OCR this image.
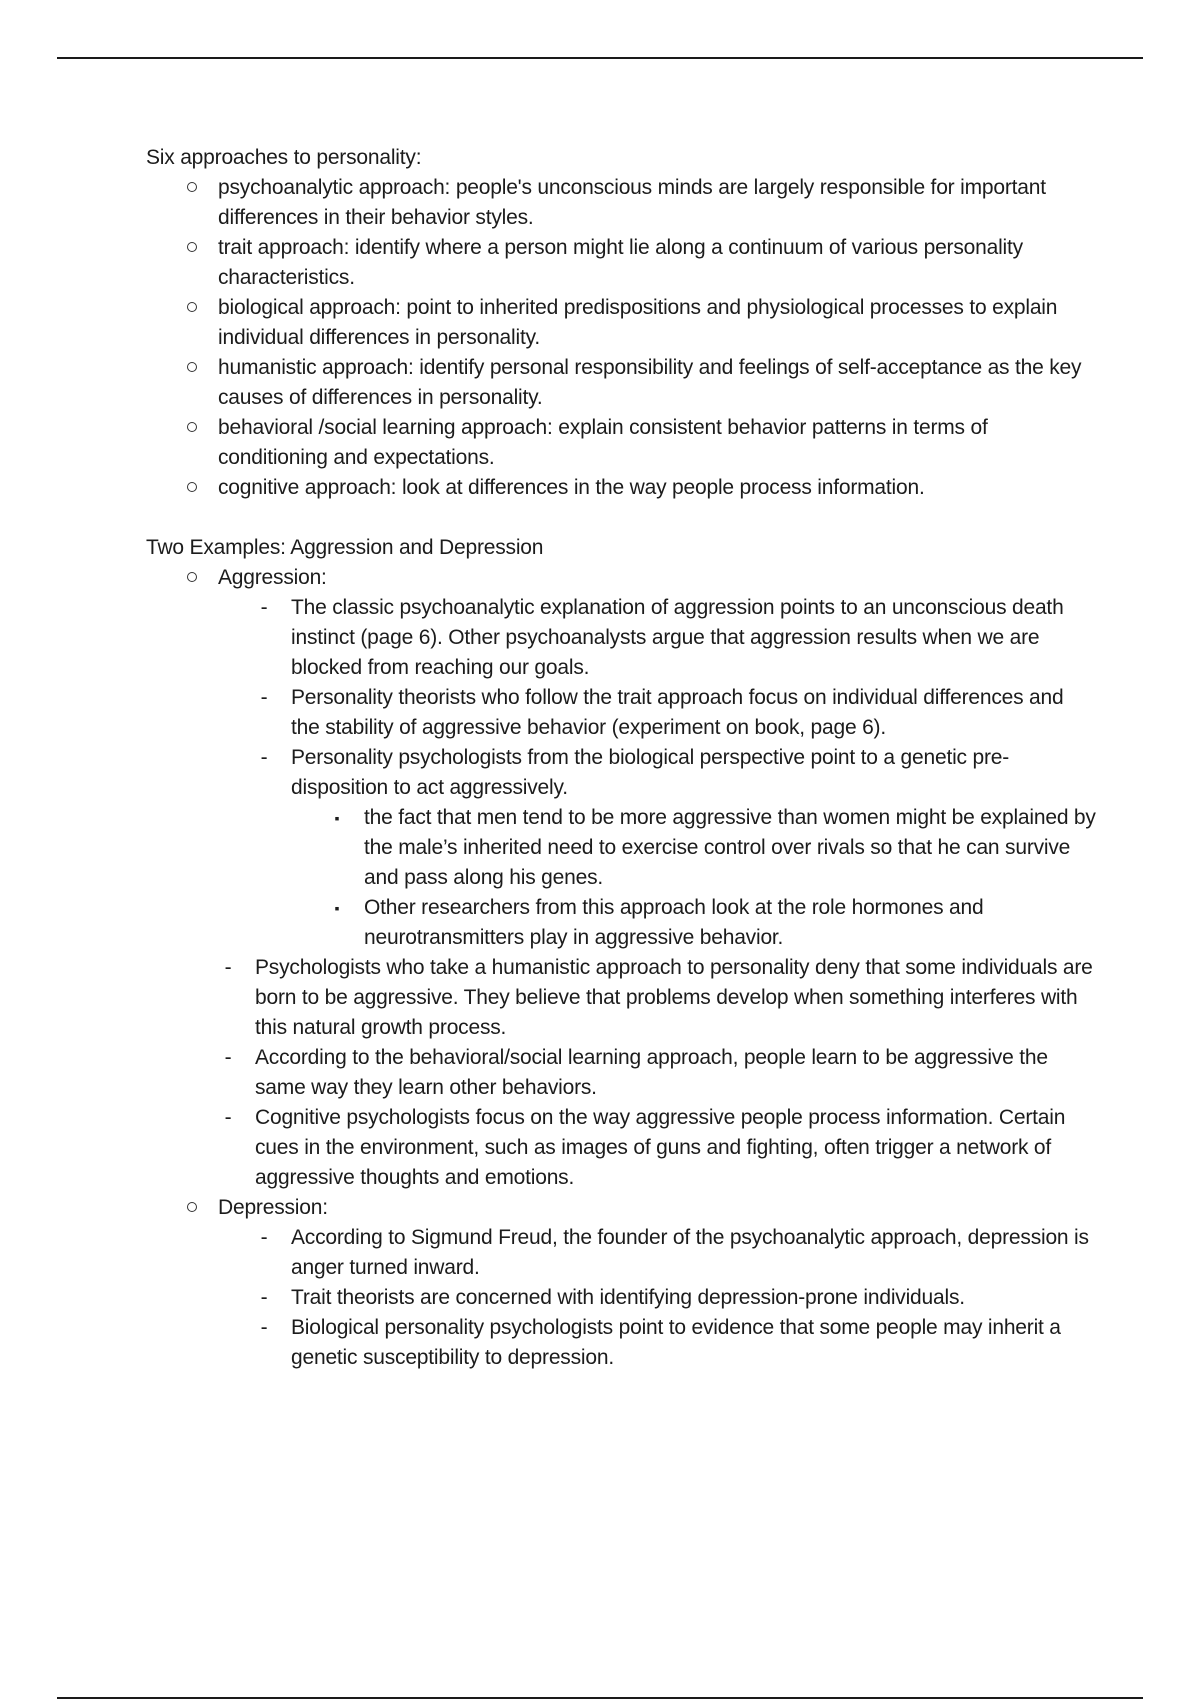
Six approaches to personality:

psychoanalytic approach: people's unconscious minds are largely responsible for important differences in their behavior styles.
trait approach: identify where a person might lie along a continuum of various personality characteristics.
biological approach: point to inherited predispositions and physiological processes to explain individual differences in personality.
humanistic approach: identify personal responsibility and feelings of self-acceptance as the key causes of differences in personality.
behavioral /social learning approach: explain consistent behavior patterns in terms of conditioning and expectations.
cognitive approach: look at differences in the way people process information.

Two Examples: Aggression and Depression

Aggression:
-	The classic psychoanalytic explanation of aggression points to an unconscious death instinct (page 6). Other psychoanalysts argue that aggression results when we are blocked from reaching our goals.
-	Personality theorists who follow the trait approach focus on individual differences and the stability of aggressive behavior (experiment on book, page 6).
-	Personality psychologists from the biological perspective point to a genetic pre-disposition to act aggressively.
▪	the fact that men tend to be more aggressive than women might be explained by the male’s inherited need to exercise control over rivals so that he can survive and pass along his genes.
▪	Other researchers from this approach look at the role hormones and neurotransmitters play in aggressive behavior.
-	Psychologists who take a humanistic approach to personality deny that some individuals are born to be aggressive. They believe that problems develop when something interferes with this natural growth process.
-	According to the behavioral/social learning approach, people learn to be aggressive the same way they learn other behaviors.
-	Cognitive psychologists focus on the way aggressive people process information. Certain cues in the environment, such as images of guns and fighting, often trigger a network of aggressive thoughts and emotions.
Depression:
-	According to Sigmund Freud, the founder of the psychoanalytic approach, depression is anger turned inward.
-	Trait theorists are concerned with identifying depression-prone individuals.
-	Biological personality psychologists point to evidence that some people may inherit a genetic susceptibility to depression.
